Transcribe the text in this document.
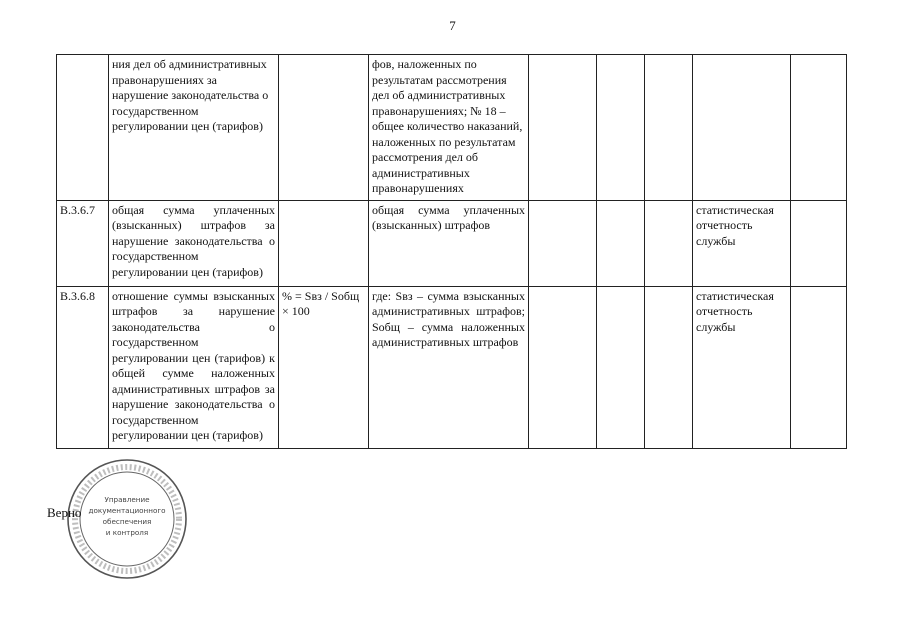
7
	ния дел об административных правонарушениях за нарушение законодательства о государственном регулировании цен (тарифов)		фов, наложенных по результатам рассмотрения дел об административных правонарушениях; № 18 – общее количество наказаний, наложенных по результатам рассмотрения дел об административных правонарушениях					
В.3.6.7	общая сумма уплаченных (взысканных) штрафов за нарушение законодательства о государственном регулировании цен (тарифов)		общая сумма уплаченных (взысканных) штрафов				статистическая отчетность службы	
В.3.6.8	отношение суммы взысканных штрафов за нарушение законодательства о государственном регулировании цен (тарифов) к общей сумме наложенных административных штрафов за нарушение законодательства о государственном регулировании цен (тарифов)	% = Sвз / Sобщ × 100	где: Sвз – сумма взысканных административных штрафов; Sобщ – сумма наложенных административных штрафов				статистическая отчетность службы	
Управление
документационного
обеспечения
и контроля
Верно
